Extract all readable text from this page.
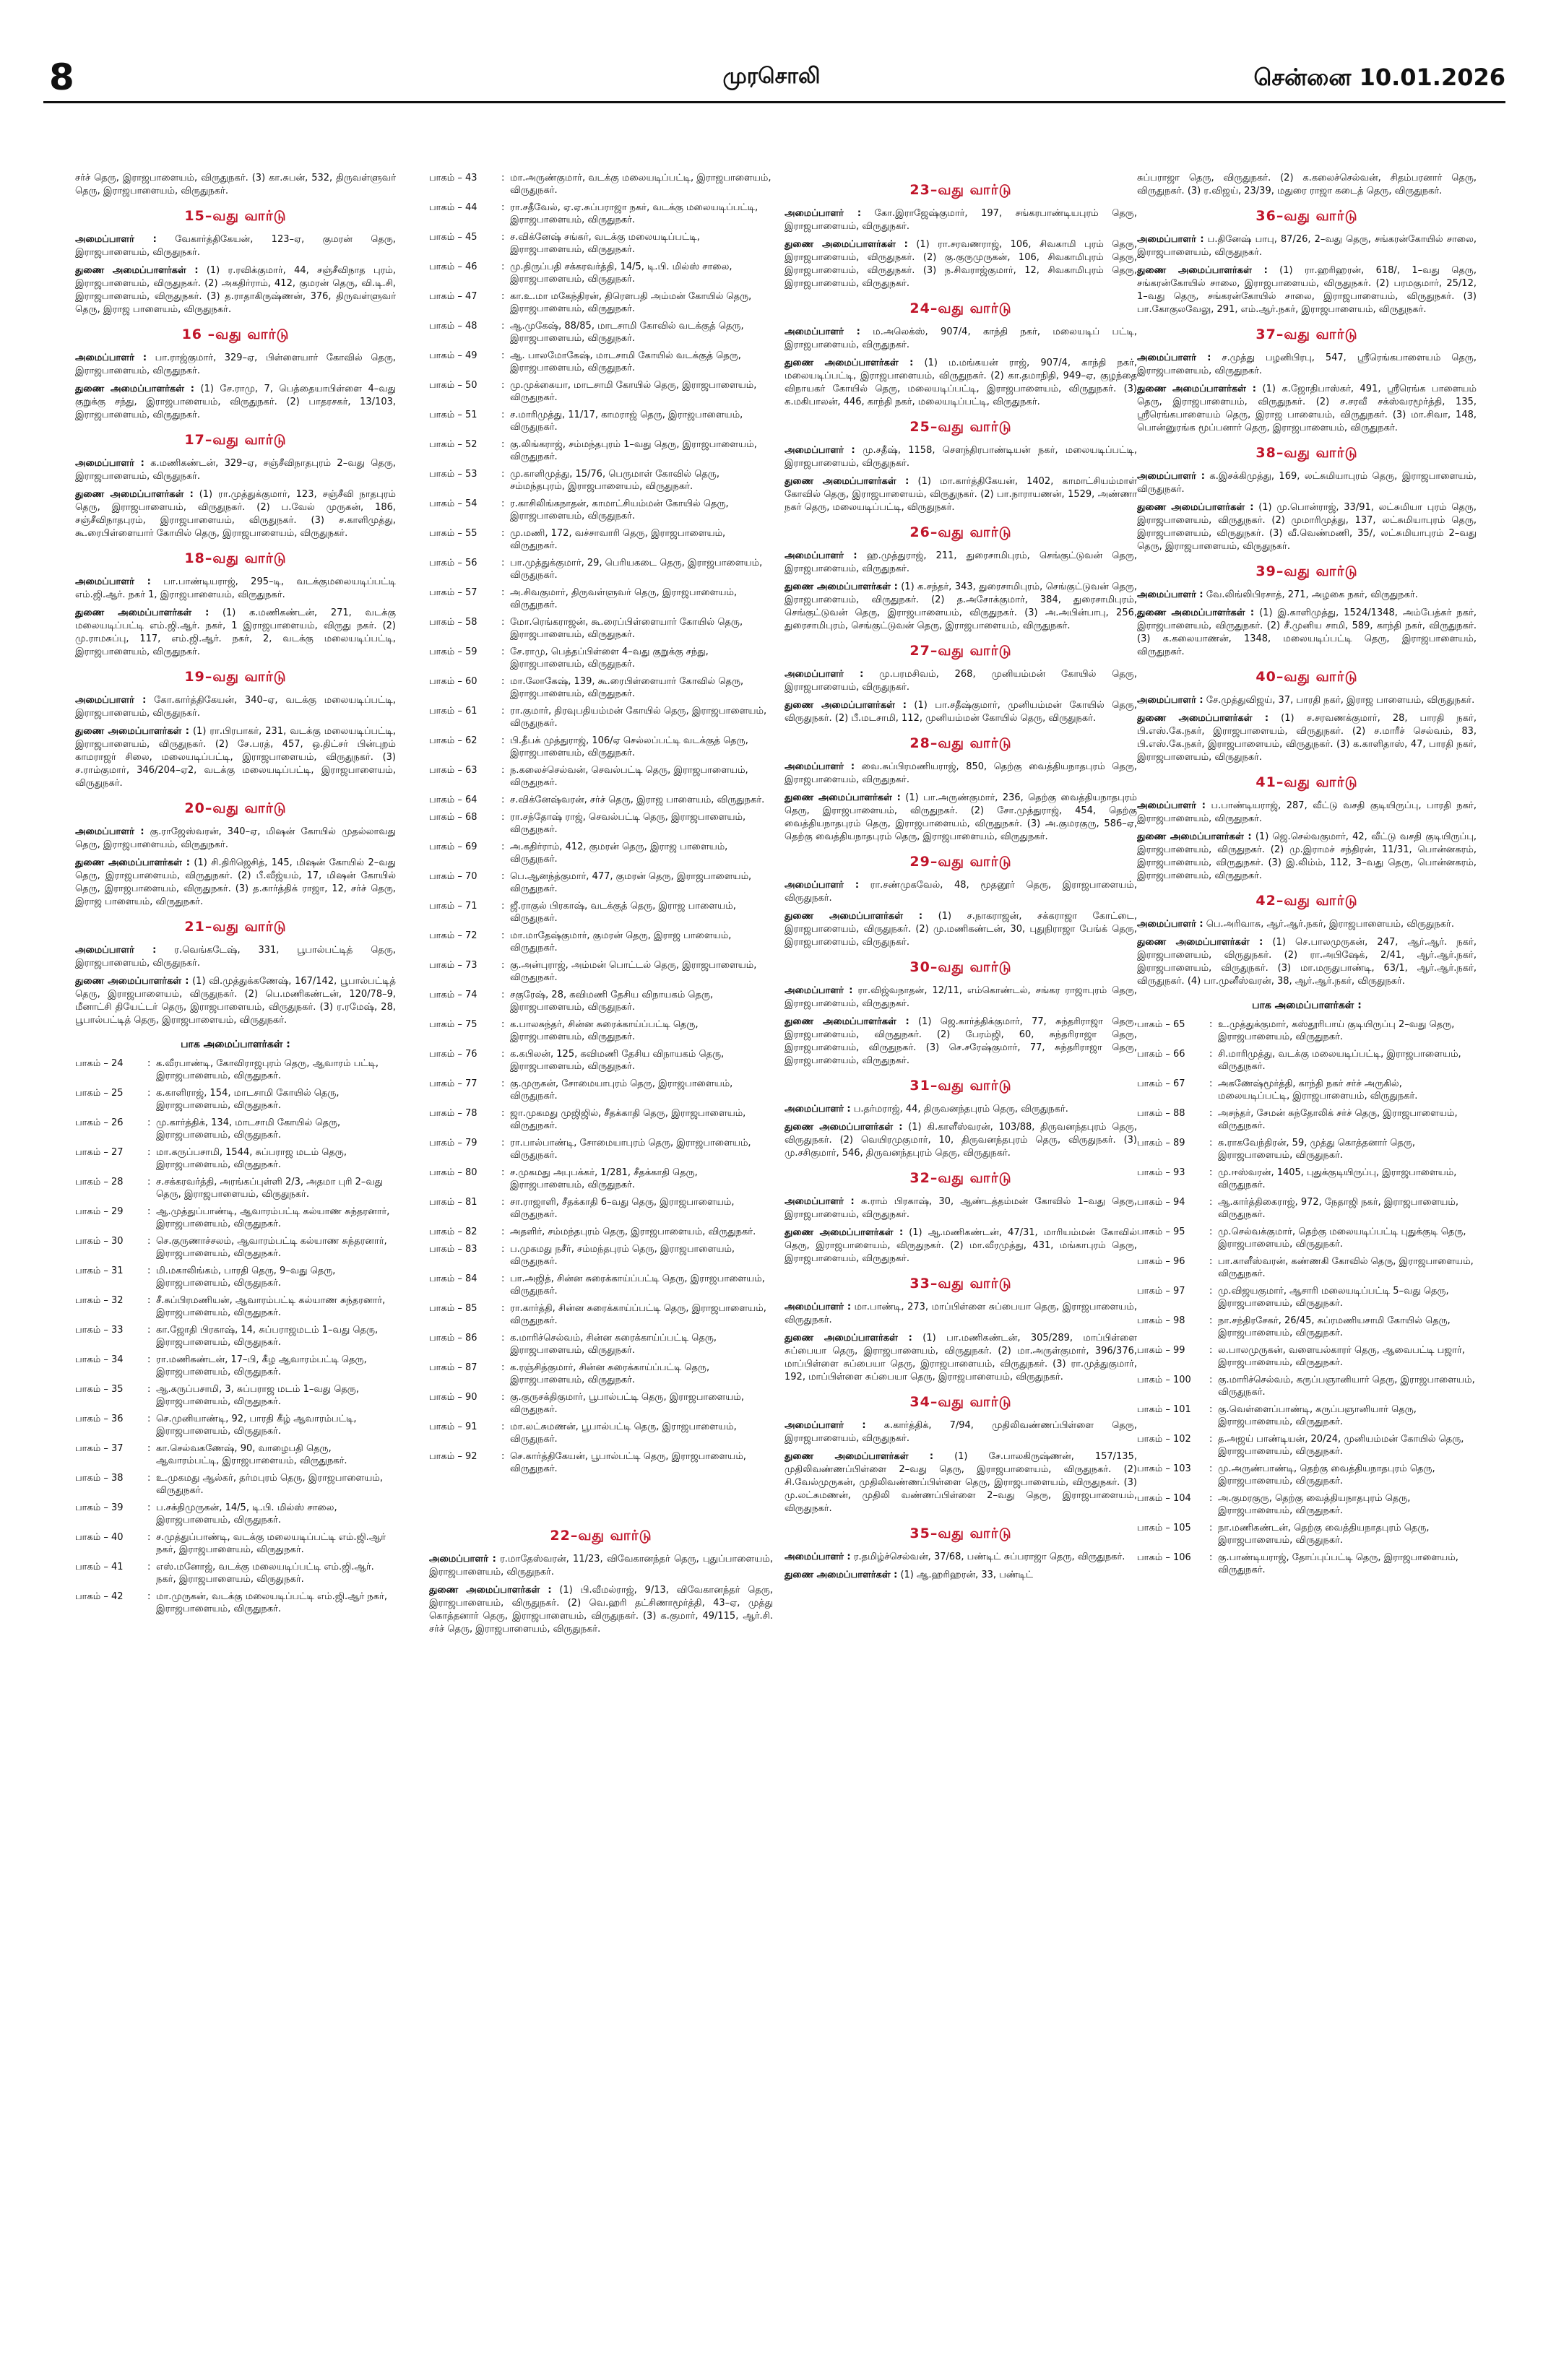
8	முரசொலி	சென்னை 10.01.2026

சர்ச் தெரு, இராஜபாளையம், விருதுநகர். (3) கா.சுபன், 532, திருவள்ளுவர் தெரு, இராஜபாளையம், விருதுநகர்.

15–வது வார்டு

அமைப்பாளர் : வேகார்த்திகேயன், 123–ஏ, குமரன் தெரு, இராஜபாளையம், விருதுநகர்.

துணை அமைப்பாளர்கள் : (1) ர.ரவிக்குமார், 44, சஞ்சீவிநாத புரம், இராஜபாளையம், விருதுநகர். (2) அகதிர்ராம், 412, குமரன் தெரு, வி.டி.சி, இராஜபாளையம், விருதுநகர். (3) த.ராதாகிருஷ்ணன், 376, திருவள்ளுவர் தெரு, இராஜ பாளையம், விருதுநகர்.

16 –வது வார்டு

அமைப்பாளர் : பா.ராஜ்குமார், 329–ஏ, பிள்ளையார் கோவில் தெரு, இராஜபாளையம், விருதுநகர்.

துணை அமைப்பாளர்கள் : (1) சே.ராமு, 7, பெத்தையாபிள்ளை 4–வது குறுக்கு சந்து, இராஜபாளையம், விருதுநகர். (2) பாதரசகர், 13/103, இராஜபாளையம், விருதுநகர்.

17–வது வார்டு

அமைப்பாளர் : க.மணிகண்டன், 329–ஏ, சஞ்சீவிநாதபுரம் 2–வது தெரு, இராஜபாளையம், விருதுநகர்.

துணை அமைப்பாளர்கள் : (1) ரா.முத்துக்குமார், 123, சஞ்சீவி நாதபுரம் தெரு, இராஜபாளையம், விருதுநகர். (2) ப.வேல் முருகன், 186, சஞ்சீவிநாதபுரம், இராஜபாளையம், விருதுநகர். (3) ச.காளிமுத்து, கூ.ரைபிள்ளையார் கோயில் தெரு, இராஜபாளையம், விருதுநகர்.

18–வது வார்டு

அமைப்பாளர் : பா.பாண்டியராஜ், 295–டி, வடக்குமலையடிப்பட்டி எம்.ஜி.ஆர். நகர் 1, இராஜபாளையம், விருதுநகர்.

துணை அமைப்பாளர்கள் : (1) க.மணிகண்டன், 271, வடக்கு மலையடிப்பட்டி எம்.ஜி.ஆர். நகர், 1 இராஜபாளையம், விருது நகர். (2) மு.ராமசுப்பு, 117, எம்.ஜி.ஆர். நகர், 2, வடக்கு மலையடிப்பட்டி, இராஜபாளையம், விருதுநகர்.

19–வது வார்டு

அமைப்பாளர் : கோ.கார்த்திகேயன், 340–ஏ, வடக்கு மலையடிப்பட்டி, இராஜபாளையம், விருதுநகர்.

துணை அமைப்பாளர்கள் : (1) ரா.பிரபாகர், 231, வடக்கு மலையடிப்பட்டி, இராஜபாளையம், விருதுநகர். (2) சே.பரத், 457, ஒ.திட்சர் பின்புறம் காமராஜர் சிலை, மலையடிப்பட்டி, இராஜபாளையம், விருதுநகர். (3) ச.ராம்குமார், 346/204–ஏ2, வடக்கு மலையடிப்பட்டி, இராஜபாளையம், விருதுநகர்.

20–வது வார்டு

அமைப்பாளர் : கு.ராஜேஸ்வரன், 340–ஏ, மிஷன் கோயில் முதல்லாவது தெரு, இராஜபாளையம், விருதுநகர்.

துணை அமைப்பாளர்கள் : (1) சி.திரிஜெசித், 145, மிஷன் கோயில் 2–வது தெரு, இராஜபாளையம், விருதுநகர். (2) பீ.வீஜ்யம், 17, மிஷன் கோயில் தெரு, இராஜபாளையம், விருதுநகர். (3) த.கார்த்திக் ராஜா, 12, சர்ச் தெரு, இராஜ பாளையம், விருதுநகர்.

21–வது வார்டு

அமைப்பாளர் : ர.வெங்கடேஷ், 331, பூபால்பட்டித் தெரு, இராஜபாளையம், விருதுநகர்.

துணை அமைப்பாளர்கள் : (1) வி.முத்துக்கணேஷ், 167/142, பூபால்பட்டித் தெரு, இராஜபாளையம், விருதுநகர். (2) பெ.மணிகண்டன், 120/78–9, மீனாட்சி தியேட்டர் தெரு, இராஜபாளையம், விருதுநகர். (3) ர.ரமேஷ், 28, பூபால்பட்டித் தெரு, இராஜபாளையம், விருதுநகர்.

பாக அமைப்பாளர்கள் :
பாகம் – 24	: க.வீரபாண்டி, கோவிராஜபுரம் தெரு, ஆவாரம் பட்டி, இராஜபாளையம், விருதுநகர்.
பாகம் – 25	: க.காளிராஜ், 154, மாடசாமி கோயில் தெரு, இராஜபாளையம், விருதுநகர்.
பாகம் – 26	: மு.கார்த்திக், 134, மாடசாமி கோயில் தெரு, இராஜபாளையம், விருதுநகர்.
பாகம் – 27	: மா.கருப்பசாமி, 1544, சுப்பராஜ மடம் தெரு, இராஜபாளையம், விருதுநகர்.
பாகம் – 28	: ச.சக்கரவர்த்தி, அரங்கப்புள்ளி 2/3, அதமா புரி 2–வது தெரு, இராஜபாளையம், விருதுநகர்.
பாகம் – 29	: ஆ.முத்துப்பாண்டி, ஆவாரம்பட்டி கல்யாண சுந்தரனார், இராஜபாளையம், விருதுநகர்.
பாகம் – 30	: செ.குருணாச்சலம், ஆவாரம்பட்டி கல்யாண சுந்தரனார், இராஜபாளையம், விருதுநகர்.
பாகம் – 31	: மி.மகாலிங்கம், பாரதி தெரு, 9–வது தெரு, இராஜபாளையம், விருதுநகர்.
பாகம் – 32	: சீ.சுப்பிரமணியன், ஆவாரம்பட்டி கல்யாண சுந்தரனார், இராஜபாளையம், விருதுநகர்.
பாகம் – 33	: கா.ஜோதி பிரகாஷ், 14, சுப்பராஜமடம் 1–வது தெரு, இராஜபாளையம், விருதுநகர்.
பாகம் – 34	: ரா.மணிகண்டன், 17–பி, கீழ ஆவாரம்பட்டி தெரு, இராஜபாளையம், விருதுநகர்.
பாகம் – 35	: ஆ.கருப்பசாமி, 3, சுப்பராஜ மடம் 1–வது தெரு, இராஜபாளையம், விருதுநகர்.
பாகம் – 36	: செ.முனியாண்டி, 92, பாரதி கீழ் ஆவாரம்பட்டி, இராஜபாளையம், விருதுநகர்.
பாகம் – 37	: கா.செல்வகணேஷ், 90, வாழைபதி தெரு, ஆவாரம்பட்டி, இராஜபாளையம், விருதுநகர்.
பாகம் – 38	: உ.முகமது ஆல்கர், தர்மபுரம் தெரு, இராஜபாளையம், விருதுநகர்.
பாகம் – 39	: ப.சக்திமுருகன், 14/5, டி.பி. மில்ஸ் சாலை, இராஜபாளையம், விருதுநகர்.
பாகம் – 40	: ச.முத்துப்பாண்டி, வடக்கு மலையடிப்பட்டி எம்.ஜி.ஆர் நகர், இராஜபாளையம், விருதுநகர்.
பாகம் – 41	: எஸ்.மனோஜ், வடக்கு மலையடிப்பட்டி எம்.ஜி.ஆர். நகர், இராஜபாளையம், விருதுநகர்.
பாகம் – 42	: மா.முருகன், வடக்கு மலையடிப்பட்டி எம்.ஜி.ஆர் நகர், இராஜபாளையம், விருதுநகர்.
பாகம் – 43	: மா.அருண்குமார், வடக்கு மலையடிப்பட்டி, இராஜபாளையம், விருதுநகர்.
பாகம் – 44	: ரா.சதீவேல், ஏ.ஏ.சுப்பராஜா நகர், வடக்கு மலையடிப்பட்டி, இராஜபாளையம், விருதுநகர்.
பாகம் – 45	: ச.விக்னேஷ் சங்கர், வடக்கு மலையடிப்பட்டி, இராஜபாளையம், விருதுநகர்.
பாகம் – 46	: மு.திருப்பதி சக்கரவர்த்தி, 14/5, டி.பி. மில்ஸ் சாலை, இராஜபாளையம், விருதுநகர்.
பாகம் – 47	: கா.உ.மா மகேந்திரன், திரௌபதி அம்மன் கோயில் தெரு, இராஜபாளையம், விருதுநகர்.
பாகம் – 48	: ஆ.முகேஷ், 88/85, மாடசாமி கோவில் வடக்குத் தெரு, இராஜபாளையம், விருதுநகர்.
பாகம் – 49	: ஆ. பாலமோகேஷ், மாடசாமி கோயில் வடக்குத் தெரு, இராஜபாளையம், விருதுநகர்.
பாகம் – 50	: மு.முக்கையா, மாடசாமி கோயில் தெரு, இராஜபாளையம், விருதுநகர்.
பாகம் – 51	: ச.மாரிமுத்து, 11/17, காமராஜ் தெரு, இராஜபாளையம், விருதுநகர்.
பாகம் – 52	: கு.லிங்கராஜ், சம்மந்தபுரம் 1–வது தெரு, இராஜபாளையம், விருதுநகர்.
பாகம் – 53	: மு.காளிமுத்து, 15/76, பெருமாள் கோவில் தெரு, சம்மந்தபுரம், இராஜபாளையம், விருதுநகர்.
பாகம் – 54	: ர.காசிலிங்கநாதன், காமாட்சியம்மன் கோயில் தெரு, இராஜபாளையம், விருதுநகர்.
பாகம் – 55	: மு.மணி, 172, வச்சாவாரி தெரு, இராஜபாளையம், விருதுநகர்.
பாகம் – 56	: பா.முத்துக்குமார், 29, பெரியகடை தெரு, இராஜபாளையம், விருதுநகர்.
பாகம் – 57	: அ.சிவகுமார், திருவள்ளுவர் தெரு, இராஜபாளையம், விருதுநகர்.
பாகம் – 58	: மோ.ரெங்கராஜன், கூ.ரைப்பிள்ளையார் கோயில் தெரு, இராஜபாளையம், விருதுநகர்.
பாகம் – 59	: சே.ராமு, பெத்தப்பிள்ளை 4–வது குறுக்கு சந்து, இராஜபாளையம், விருதுநகர்.
பாகம் – 60	: மா.லோகேஷ், 139, கூ.ரைபிள்ளையார் கோவில் தெரு, இராஜபாளையம், விருதுநகர்.
பாகம் – 61	: ரா.குமார், திரவுபதியம்மன் கோயில் தெரு, இராஜபாளையம், விருதுநகர்.
பாகம் – 62	: பி.தீபக் முத்துராஜ், 106/ஏ செல்லப்பட்டி வடக்குத் தெரு, இராஜபாளையம், விருதுநகர்.
பாகம் – 63	: ந.கலைச்செல்வன், செவல்பட்டி தெரு, இராஜபாளையம், விருதுநகர்.
பாகம் – 64	: ச.விக்னேஷ்வரன், சர்ச் தெரு, இராஜ பாளையம், விருதுநகர்.
பாகம் – 68	: ரா.சந்தோஷ் ராஜ், செவல்பட்டி தெரு, இராஜபாளையம், விருதுநகர்.
பாகம் – 69	: அ.கதிர்ராம், 412, குமரன் தெரு, இராஜ பாளையம், விருதுநகர்.
பாகம் – 70	: பெ.ஆனந்த்குமார், 477, குமரன் தெரு, இராஜபாளையம், விருதுநகர்.
பாகம் – 71	: ஜீ.ராகுல் பிரகாஷ், வடக்குத் தெரு, இராஜ பாளையம், விருதுநகர்.
பாகம் – 72	: மா.மாதேஷ்குமார், குமரன் தெரு, இராஜ பாளையம், விருதுநகர்.
பாகம் – 73	: கு.அன்புராஜ், அம்மன் பொட்டல் தெரு, இராஜபாளையம், விருதுநகர்.
பாகம் – 74	: சகுரேஷ், 28, கவிமணி தேசிய விநாயகம் தெரு, இராஜபாளையம், விருதுநகர்.
பாகம் – 75	: க.பாலசுந்தர், சின்ன சுரைக்காய்ப்பட்டி தெரு, இராஜபாளையம், விருதுநகர்.
பாகம் – 76	: க.கபிலன், 125, கவிமணி தேசிய விநாயகம் தெரு, இராஜபாளையம், விருதுநகர்.
பாகம் – 77	: கு.முருகன், சோமையாபுரம் தெரு, இராஜபாளையம், விருதுநகர்.
பாகம் – 78	: ஜா.முகமது முஜிஜில், சீதக்காதி தெரு, இராஜபாளையம், விருதுநகர்.
பாகம் – 79	: ரா.பால்பாண்டி, சோமையாபுரம் தெரு, இராஜபாளையம், விருதுநகர்.
பாகம் – 80	: ச.முகமது அபுபக்கர், 1/281, சீதக்காதி தெரு, இராஜபாளையம், விருதுநகர்.
பாகம் – 81	: சா.ராஜாளி, சீதக்காதி 6–வது தெரு, இராஜபாளையம், விருதுநகர்.
பாகம் – 82	: அதளிர், சம்மந்தபுரம் தெரு, இராஜபாளையம், விருதுநகர்.
பாகம் – 83	: ப.முகமது நசீர், சம்மந்தபுரம் தெரு, இராஜபாளையம், விருதுநகர்.
பாகம் – 84	: பா.அஜித், சின்ன சுரைக்காய்ப்பட்டி தெரு, இராஜபாளையம், விருதுநகர்.
பாகம் – 85	: ரா.கார்த்தி, சின்ன சுரைக்காய்ப்பட்டி தெரு, இராஜபாளையம், விருதுநகர்.
பாகம் – 86	: க.மாரிச்செல்வம், சின்ன சுரைக்காய்ப்பட்டி தெரு, இராஜபாளையம், விருதுநகர்.
பாகம் – 87	: க.ரஞ்சித்குமார், சின்ன சுரைக்காய்ப்பட்டி தெரு, இராஜபாளையம், விருதுநகர்.
பாகம் – 90	: கு.குருசக்திகுமார், பூபால்பட்டி தெரு, இராஜபாளையம், விருதுநகர்.
பாகம் – 91	: மா.லட்சுமணன், பூபால்பட்டி தெரு, இராஜபாளையம், விருதுநகர்.
பாகம் – 92	: செ.கார்த்திகேயன், பூபால்பட்டி தெரு, இராஜபாளையம், விருதுநகர்.
22–வது வார்டு

அமைப்பாளர் : ர.மாதேஸ்வரன், 11/23, விவேகானந்தர் தெரு, புதுப்பாளையம், இராஜபாளையம், விருதுநகர்.

துணை அமைப்பாளர்கள் : (1) பி.வீமல்ராஜ், 9/13, விவேகானந்தர் தெரு, இராஜபாளையம், விருதுநகர். (2) வெ.ஹரி தட்சிணாமூர்த்தி, 43–ஏ, முத்து கொத்தனார் தெரு, இராஜபாளையம், விருதுநகர். (3) க.குமார், 49/115, ஆர்.சி. சர்ச் தெரு, இராஜபாளையம், விருதுநகர்.

23–வது வார்டு

அமைப்பாளர் : கோ.இராஜேஷ்குமார், 197, சங்கரபாண்டியபுரம் தெரு, இராஜபாளையம், விருதுநகர்.

துணை அமைப்பாளர்கள் : (1) ரா.சரவணராஜ், 106, சிவகாமி புரம் தெரு, இராஜபாளையம், விருதுநகர். (2) கு.குருமுருகன், 106, சிவகாமிபுரம் தெரு, இராஜபாளையம், விருதுநகர். (3) ந.சிவராஜ்குமார், 12, சிவகாமிபுரம் தெரு, இராஜபாளையம், விருதுநகர்.

24–வது வார்டு

அமைப்பாளர் : ம.அலெக்ஸ், 907/4, காந்தி நகர், மலையடிப் பட்டி, இராஜபாளையம், விருதுநகர்.

துணை அமைப்பாளர்கள் : (1) ம.மங்கயன் ராஜ், 907/4, காந்தி நகர், மலையடிப்பட்டி, இராஜபாளையம், விருதுநகர். (2) கா.தமாநிதி, 949–ஏ, குழந்தை விநாயகர் கோயில் தெரு, மலையடிப்பட்டி, இராஜபாளையம், விருதுநகர். (3) க.மகிபாலன், 446, காந்தி நகர், மலையடிப்பட்டி, விருதுநகர்.

25–வது வார்டு

அமைப்பாளர் : மு.சதீஷ், 1158, செளந்திரபாண்டியன் நகர், மலையடிப்பட்டி, இராஜபாளையம், விருதுநகர்.

துணை அமைப்பாளர்கள் : (1) மா.கார்த்திகேயன், 1402, காமாட்சியம்மாள் கோவில் தெரு, இராஜபாளையம், விருதுநகர். (2) பா.நாராயணன், 1529, அண்ணா நகர் தெரு, மலையடிப்பட்டி, விருதுநகர்.

26–வது வார்டு

அமைப்பாளர் : ஹ.முத்துராஜ், 211, துரைசாமிபுரம், செங்குட்டுவன் தெரு, இராஜபாளையம், விருதுநகர்.

துணை அமைப்பாளர்கள் : (1) க.சந்தர், 343, துரைசாமிபுரம், செங்குட்டுவன் தெரு, இராஜபாளையம், விருதுநகர். (2) த.அசோக்குமார், 384, துரைசாமிபுரம், செங்குட்டுவன் தெரு, இராஜபாளையம், விருதுநகர். (3) அ.அபின்பாபு, 256, துரைசாமிபுரம், செங்குட்டுவன் தெரு, இராஜபாளையம், விருதுநகர்.

27–வது வார்டு

அமைப்பாளர் : மு.பரமசிவம், 268, முனியம்மன் கோயில் தெரு, இராஜபாளையம், விருதுநகர்.

துணை அமைப்பாளர்கள் : (1) பா.சதீஷ்குமார், முனியம்மன் கோயில் தெரு, விருதுநகர். (2) பீ.மடசாமி, 112, முனியம்மன் கோயில் தெரு, விருதுநகர்.

28–வது வார்டு

அமைப்பாளர் : வை.சுப்பிரமணியராஜ், 850, தெற்கு வைத்தியநாதபுரம் தெரு, இராஜபாளையம், விருதுநகர்.

துணை அமைப்பாளர்கள் : (1) பா.அருண்குமார், 236, தெற்கு வைத்தியநாதபுரம் தெரு, இராஜபாளையம், விருதுநகர். (2) சோ.முத்துராஜ், 454, தெற்கு வைத்தியநாதபுரம் தெரு, இராஜபாளையம், விருதுநகர். (3) அ.குமரகுரு, 586–ஏ, தெற்கு வைத்தியநாதபுரம் தெரு, இராஜபாளையம், விருதுநகர்.

29–வது வார்டு

அமைப்பாளர் : ரா.சண்முகவேல், 48, மூதனூர் தெரு, இராஜபாளையம், விருதுநகர்.

துணை அமைப்பாளர்கள் : (1) ச.நாகராஜன், சக்கராஜா கோட்டை, இராஜபாளையம், விருதுநகர். (2) மு.மணிகண்டன், 30, புதுநிராஜா பேங்க் தெரு, இராஜபாளையம், விருதுநகர்.

30–வது வார்டு

அமைப்பாளர் : ரா.விஜ்வநாதன், 12/11, எம்கொண்டல், சங்கர ராஜாபுரம் தெரு, இராஜபாளையம், விருதுநகர்.

துணை அமைப்பாளர்கள் : (1) ஜெ.கார்த்திக்குமார், 77, சுந்தரிராஜா தெரு, இராஜபாளையம், விருதுநகர். (2) பேரம்ஜி, 60, சுந்தரிராஜா தெரு, இராஜபாளையம், விருதுநகர். (3) செ.சரேஷ்குமார், 77, சுந்தரிராஜா தெரு, இராஜபாளையம், விருதுநகர்.

31–வது வார்டு

அமைப்பாளர் : ப.தர்மராஜ், 44, திருவனந்தபுரம் தெரு, விருதுநகர்.

துணை அமைப்பாளர்கள் : (1) கி.காளீஸ்வரன், 103/88, திருவனந்தபுரம் தெரு, விருதுநகர். (2) வெயிரமுகுமார், 10, திருவனந்தபுரம் தெரு, விருதுநகர். (3) மு.சசிகுமார், 546, திருவனந்தபுரம் தெரு, விருதுநகர்.

32–வது வார்டு

அமைப்பாளர் : சு.ராம் பிரகாஷ், 30, ஆண்டத்தம்மன் கோவில் 1–வது தெரு, இராஜபாளையம், விருதுநகர்.

துணை அமைப்பாளர்கள் : (1) ஆ.மணிகண்டன், 47/31, மாரியம்மன் கோவில் தெரு, இராஜபாளையம், விருதுநகர். (2) மா.வீரமுத்து, 431, மங்காபுரம் தெரு, இராஜபாளையம், விருதுநகர்.

33–வது வார்டு

அமைப்பாளர் : மா.பாண்டி, 273, மாப்பிள்ளை சுப்பையா தெரு, இராஜபாளையம், விருதுநகர்.

துணை அமைப்பாளர்கள் : (1) பா.மணிகண்டன், 305/289, மாப்பிள்ளை சுப்பையா தெரு, இராஜபாளையம், விருதுநகர். (2) மா.அருள்குமார், 396/376, மாப்பிள்ளை சுப்பையா தெரு, இராஜபாளையம், விருதுநகர். (3) ரா.முத்துகுமார், 192, மாப்பிள்ளை சுப்பையா தெரு, இராஜபாளையம், விருதுநகர்.

34–வது வார்டு

அமைப்பாளர் : க.கார்த்திக், 7/94, முதிலிவண்ணப்பிள்ளை தெரு, இராஜபாளையம், விருதுநகர்.

துணை அமைப்பாளர்கள் : (1) சே.பாலகிருஷ்ணன், 157/135, முதிலிவண்ணப்பிள்ளை 2–வது தெரு, இராஜபாளையம், விருதுநகர். (2) சி.வேல்முருகன், முதிலிவண்ணப்பிள்ளை தெரு, இராஜபாளையம், விருதுநகர். (3) மு.லட்சுமணன், முதிலி வண்ணப்பிள்ளை 2–வது தெரு, இராஜபாளையம், விருதுநகர்.

35–வது வார்டு

அமைப்பாளர் : ர.தமிழ்ச்செல்வன், 37/68, பண்டிட் சுப்பராஜா தெரு, விருதுநகர்.

துணை அமைப்பாளர்கள் : (1) ஆ.ஹரிஹரன், 33, பண்டிட்

சுப்பராஜா தெரு, விருதுநகர். (2) க.கலைச்செல்வன், சிதம்பரனார் தெரு, விருதுநகர். (3) ர.விஜய், 23/39, மதுரை ராஜா கடைத் தெரு, விருதுநகர்.

36–வது வார்டு

அமைப்பாளர் : ப.தினேஷ் பாபு, 87/26, 2–வது தெரு, சங்கரன்கோயில் சாலை, இராஜபாளையம், விருதுநகர்.

துணை அமைப்பாளர்கள் : (1) ரா.ஹரிஹரன், 618/, 1–வது தெரு, சங்கரன்கோயில் சாலை, இராஜபாளையம், விருதுநகர். (2) பரமகுமார், 25/12, 1–வது தெரு, சங்கரன்கோயில் சாலை, இராஜபாளையம், விருதுநகர். (3) பா.கோகுலவேலு, 291, எம்.ஆர்.நகர், இராஜபாளையம், விருதுநகர்.

37–வது வார்டு

அமைப்பாளர் : ச.முத்து பழனிபிரபு, 547, ஸ்ரீரெங்கபாளையம் தெரு, இராஜபாளையம், விருதுநகர்.

துணை அமைப்பாளர்கள் : (1) க.ஜோதிபாஸ்கர், 491, ஸ்ரீரெங்க பாளையம் தெரு, இராஜபாளையம், விருதுநகர். (2) ச.சரவீ சக்ஸ்வரமூர்த்தி, 135, ஸ்ரீரெங்கபாளையம் தெரு, இராஜ பாளையம், விருதுநகர். (3) மா.சிவா, 148, பொன்னுரங்க மூப்பனார் தெரு, இராஜபாளையம், விருதுநகர்.

38–வது வார்டு

அமைப்பாளர் : க.இசக்கிமுத்து, 169, லட்சுமியாபுரம் தெரு, இராஜபாளையம், விருதுநகர்.

துணை அமைப்பாளர்கள் : (1) மு.பொன்ராஜ், 33/91, லட்சுமியா புரம் தெரு, இராஜபாளையம், விருதுநகர். (2) முமாரிமுத்து, 137, லட்சுமியாபுரம் தெரு, இராஜபாளையம், விருதுநகர். (3) வீ.வெண்மணி, 35/, லட்சுமியாபுரம் 2–வது தெரு, இராஜபாளையம், விருதுநகர்.

39–வது வார்டு

அமைப்பாளர் : வே.லிங்லிபிரசாத், 271, அழகை நகர், விருதுநகர்.

துணை அமைப்பாளர்கள் : (1) இ.காளிமுத்து, 1524/1348, அம்பேத்கர் நகர், இராஜபாளையம், விருதுநகர். (2) சீ.முனிய சாமி, 589, காந்தி நகர், விருதுநகர். (3) க.கலையாணன், 1348, மலையடிப்பட்டி தெரு, இராஜபாளையம், விருதுநகர்.

40–வது வார்டு

அமைப்பாளர் : சே.முத்துவிஜய், 37, பாரதி நகர், இராஜ பாளையம், விருதுநகர்.

துணை அமைப்பாளர்கள் : (1) ச.சரவணக்குமார், 28, பாரதி நகர், பி.எஸ்.கே.நகர், இராஜபாளையம், விருதுநகர். (2) ச.மாரீச் செல்வம், 83, பி.எஸ்.கே.நகர், இராஜபாளையம், விருதுநகர். (3) க.காளிதாஸ், 47, பாரதி நகர், இராஜபாளையம், விருதுநகர்.

41–வது வார்டு

அமைப்பாளர் : ப.பாண்டியராஜ், 287, வீட்டு வசதி குடியிருப்பு, பாரதி நகர், இராஜபாளையம், விருதுநகர்.

துணை அமைப்பாளர்கள் : (1) ஜெ.செல்வகுமார், 42, வீட்டு வசதி குடியிருப்பு, இராஜபாளையம், விருதுநகர். (2) மு.இராமச் சந்திரன், 11/31, பொன்னகரம், இராஜபாளையம், விருதுநகர். (3) இ.லிம்ம், 112, 3–வது தெரு, பொன்னகரம், இராஜபாளையம், விருதுநகர்.

42–வது வார்டு

அமைப்பாளர் : பெ.அரிவாசு, ஆர்.ஆர்.நகர், இராஜபாளையம், விருதுநகர்.

துணை அமைப்பாளர்கள் : (1) செ.பாலமுருகன், 247, ஆர்.ஆர். நகர், இராஜபாளையம், விருதுநகர். (2) ரா.அபிஷேக், 2/41, ஆர்.ஆர்.நகர், இராஜபாளையம், விருதுநகர். (3) மா.மருதுபாண்டி, 63/1, ஆர்.ஆர்.நகர், விருதுநகர். (4) பா.முனீஸ்வரன், 38, ஆர்.ஆர்.நகர், விருதுநகர்.

பாக அமைப்பாளர்கள் :
பாகம் – 65	: உ.முத்துக்குமார், கஸ்தூரிபாய் குடியிருப்பு 2–வது தெரு, இராஜபாளையம், விருதுநகர்.
பாகம் – 66	: சி.மாரிமுத்து, வடக்கு மலையடிப்பட்டி, இராஜபாளையம், விருதுநகர்.
பாகம் – 67	: அகணேஷ்மூர்த்தி, காந்தி நகர் சர்ச் அருகில், மலையடிப்பட்டி, இராஜபாளையம், விருதுநகர்.
பாகம் – 88	: அசந்தர், சேமன் சுந்தோலிக் சர்ச் தெரு, இராஜபாளையம், விருதுநகர்.
பாகம் – 89	: சு.ராகவேந்திரன், 59, முத்து கொத்தனார் தெரு, இராஜபாளையம், விருதுநகர்.
பாகம் – 93	: மு.ஈஸ்வரன், 1405, புதுக்குடியிருப்பு, இராஜபாளையம், விருதுநகர்.
பாகம் – 94	: ஆ.கார்த்திகைராஜ், 972, நேதாஜி நகர், இராஜபாளையம், விருதுநகர்.
பாகம் – 95	: மு.செல்வக்குமார், தெற்கு மலையடிப்பட்டி புதுக்குடி தெரு, இராஜபாளையம், விருதுநகர்.
பாகம் – 96	: பா.காளீஸ்வரன், கண்ணகி கோவில் தெரு, இராஜபாளையம், விருதுநகர்.
பாகம் – 97	: மு.விஜயகுமார், ஆசாரி மலையடிப்பட்டி 5–வது தெரு, இராஜபாளையம், விருதுநகர்.
பாகம் – 98	: நா.சந்திரசேகர், 26/45, சுப்ரமணியசாமி கோயில் தெரு, இராஜபாளையம், விருதுநகர்.
பாகம் – 99	: ல.பாலமுருகன், வளையல்காரர் தெரு, ஆவைபட்டி பஜார், இராஜபாளையம், விருதுநகர்.
பாகம் – 100	: கு.மாரிச்செல்வம், கருப்பஞானியார் தெரு, இராஜபாளையம், விருதுநகர்.
பாகம் – 101	: கு.வெள்ளைப்பாண்டி, கருப்பஞானியார் தெரு, இராஜபாளையம், விருதுநகர்.
பாகம் – 102	: த.அஜய் பாண்டியன், 20/24, முனியம்மன் கோயில் தெரு, இராஜபாளையம், விருதுநகர்.
பாகம் – 103	: மு.அருண்பாண்டி, தெற்கு வைத்தியநாதபுரம் தெரு, இராஜபாளையம், விருதுநகர்.
பாகம் – 104	: அ.குமரகுரு, தெற்கு வைத்தியநாதபுரம் தெரு, இராஜபாளையம், விருதுநகர்.
பாகம் – 105	: நா.மணிகண்டன், தெற்கு வைத்தியநாதபுரம் தெரு, இராஜபாளையம், விருதுநகர்.
பாகம் – 106	: கு.பாண்டியராஜ், தோப்புப்பட்டி தெரு, இராஜபாளையம், விருதுநகர்.
